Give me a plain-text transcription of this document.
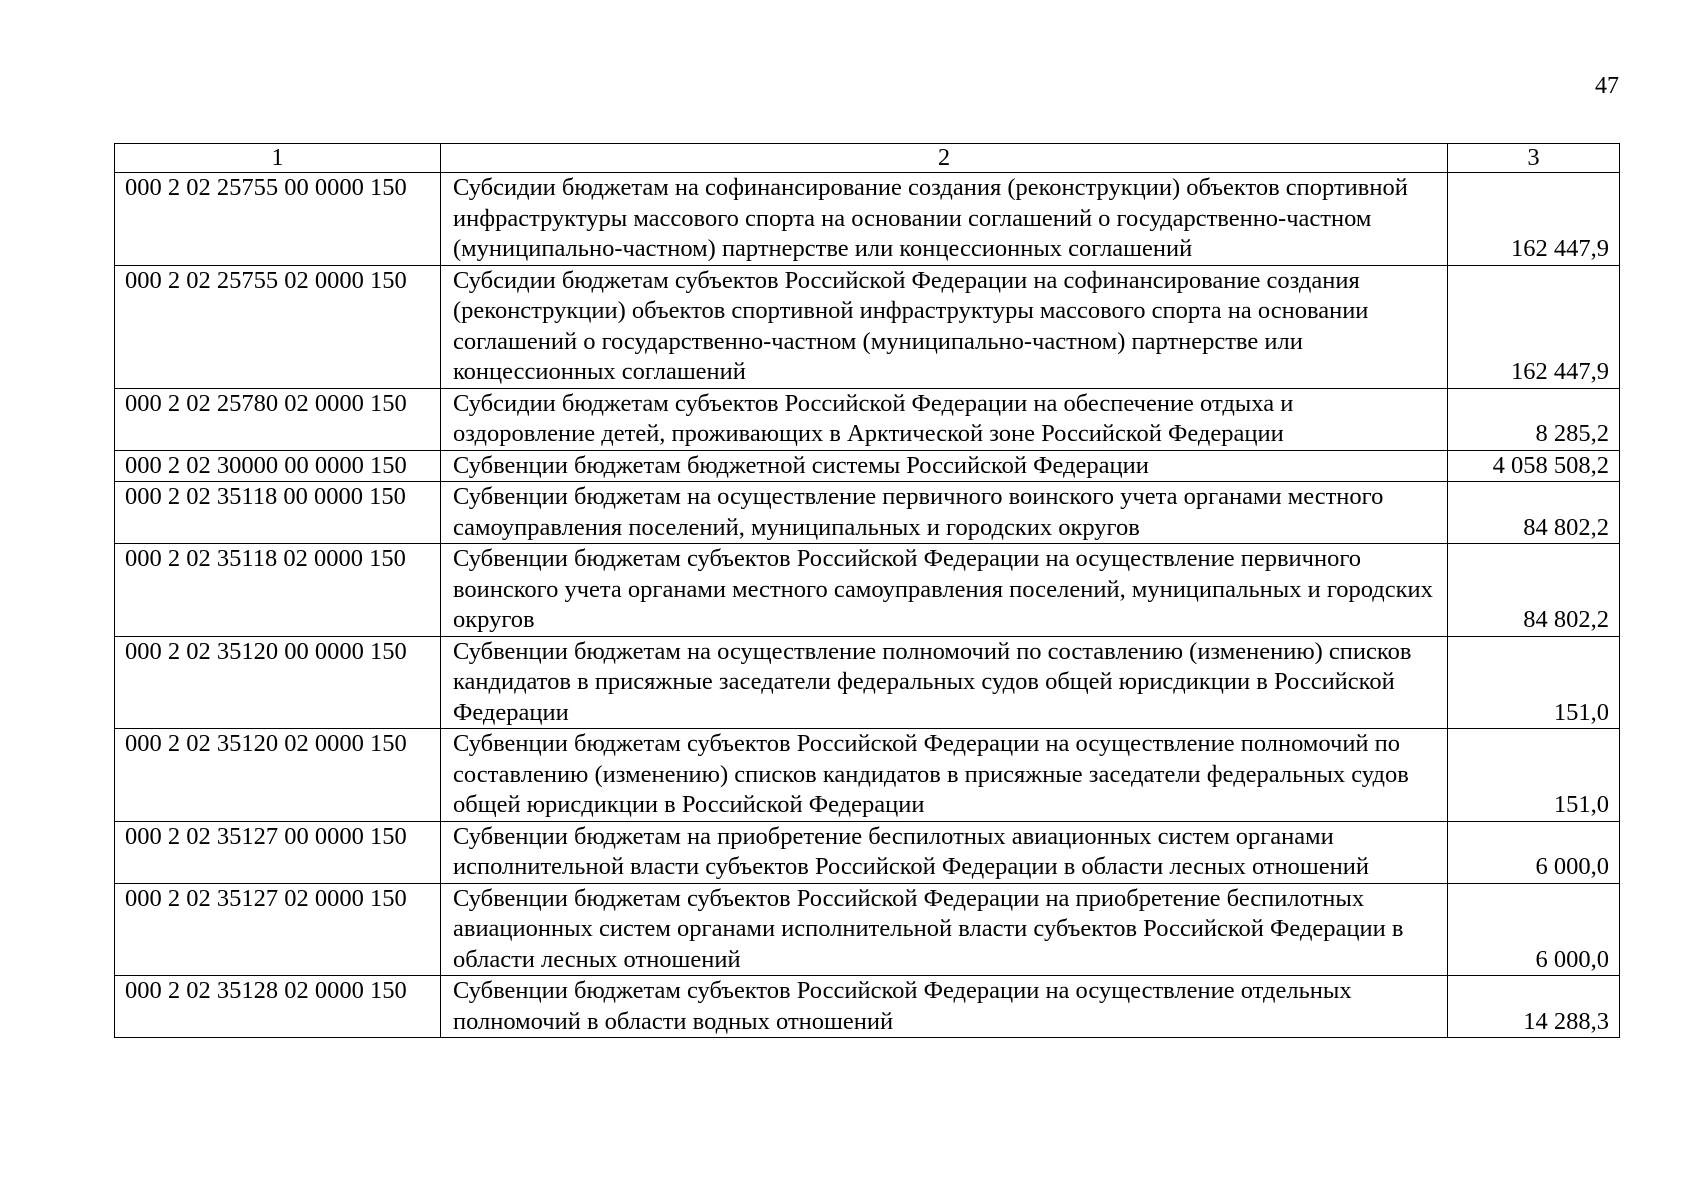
47
1	2	3
000 2 02 25755 00 0000 150	Субсидии бюджетам на софинансирование создания (реконструкции) объектов спортивной инфраструктуры массового спорта на основании соглашений о государственно-частном (муниципально-частном) партнерстве или концессионных соглашений	162 447,9
000 2 02 25755 02 0000 150	Субсидии бюджетам субъектов Российской Федерации на софинансирование создания (реконструкции) объектов спортивной инфраструктуры массового спорта на основании соглашений о государственно-частном (муниципально-частном) партнерстве или концессионных соглашений	162 447,9
000 2 02 25780 02 0000 150	Субсидии бюджетам субъектов Российской Федерации на обеспечение отдыха и оздоровление детей, проживающих в Арктической зоне Российской Федерации	8 285,2
000 2 02 30000 00 0000 150	Субвенции бюджетам бюджетной системы Российской Федерации	4 058 508,2
000 2 02 35118 00 0000 150	Субвенции бюджетам на осуществление первичного воинского учета органами местного самоуправления поселений, муниципальных и городских округов	84 802,2
000 2 02 35118 02 0000 150	Субвенции бюджетам субъектов Российской Федерации на осуществление первичного воинского учета органами местного самоуправления поселений, муниципальных и городских округов	84 802,2
000 2 02 35120 00 0000 150	Субвенции бюджетам на осуществление полномочий по составлению (изменению) списков кандидатов в присяжные заседатели федеральных судов общей юрисдикции в Российской Федерации	151,0
000 2 02 35120 02 0000 150	Субвенции бюджетам субъектов Российской Федерации на осуществление полномочий по составлению (изменению) списков кандидатов в присяжные заседатели федеральных судов общей юрисдикции в Российской Федерации	151,0
000 2 02 35127 00 0000 150	Субвенции бюджетам на приобретение беспилотных авиационных систем органами исполнительной власти субъектов Российской Федерации в области лесных отношений	6 000,0
000 2 02 35127 02 0000 150	Субвенции бюджетам субъектов Российской Федерации на приобретение беспилотных авиационных систем органами исполнительной власти субъектов Российской Федерации в области лесных отношений	6 000,0
000 2 02 35128 02 0000 150	Субвенции бюджетам субъектов Российской Федерации на осуществление отдельных полномочий в области водных отношений	14 288,3
